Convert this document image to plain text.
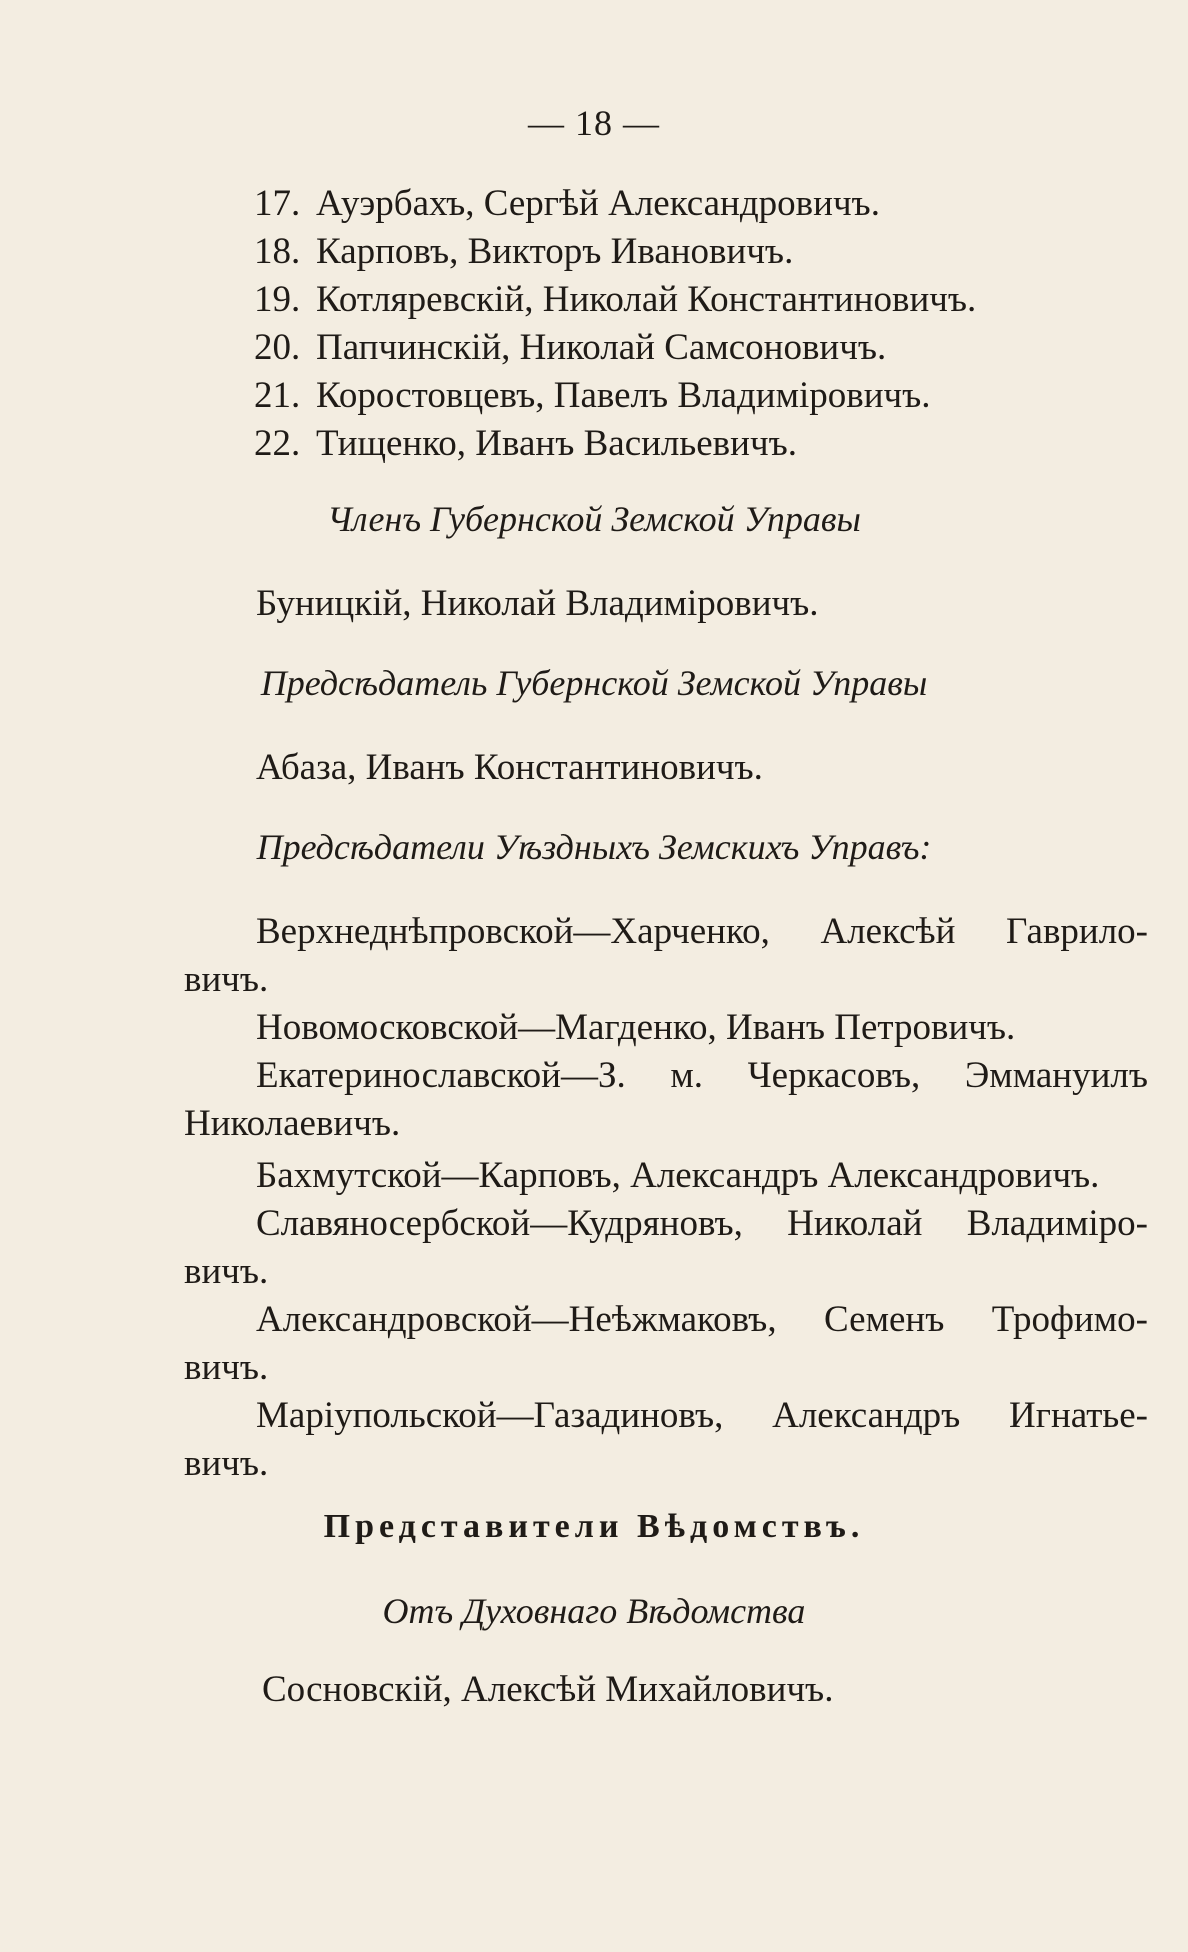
— 18 —
17. Ауэрбахъ, Сергѣй Александровичъ.
18. Карповъ, Викторъ Ивановичъ.
19. Котляревскій, Николай Константиновичъ.
20. Папчинскій, Николай Самсоновичъ.
21. Коростовцевъ, Павелъ Владиміровичъ.
22. Тищенко, Иванъ Васильевичъ.
Членъ Губернской Земской Управы
Буницкій, Николай Владиміровичъ.
Предсѣдатель Губернской Земской Управы
Абаза, Иванъ Константиновичъ.
Предсѣдатели Уѣздныхъ Земскихъ Управъ:
Верхнеднѣпровской—Харченко, Алексѣй Гаврило-
вичъ.
Новомосковской—Магденко, Иванъ Петровичъ.
Екатеринославской—З. м. Черкасовъ, Эммануилъ
Николаевичъ.
Бахмутской—Карповъ, Александръ Александровичъ.
Славяносербской—Кудряновъ, Николай Владиміро-
вичъ.
Александровской—Неѣжмаковъ, Семенъ Трофимо-
вичъ.
Маріупольской—Газадиновъ, Александръ Игнатье-
вичъ.
Представители Вѣдомствъ.
Отъ Духовнаго Вѣдомства
Сосновскій, Алексѣй Михайловичъ.
